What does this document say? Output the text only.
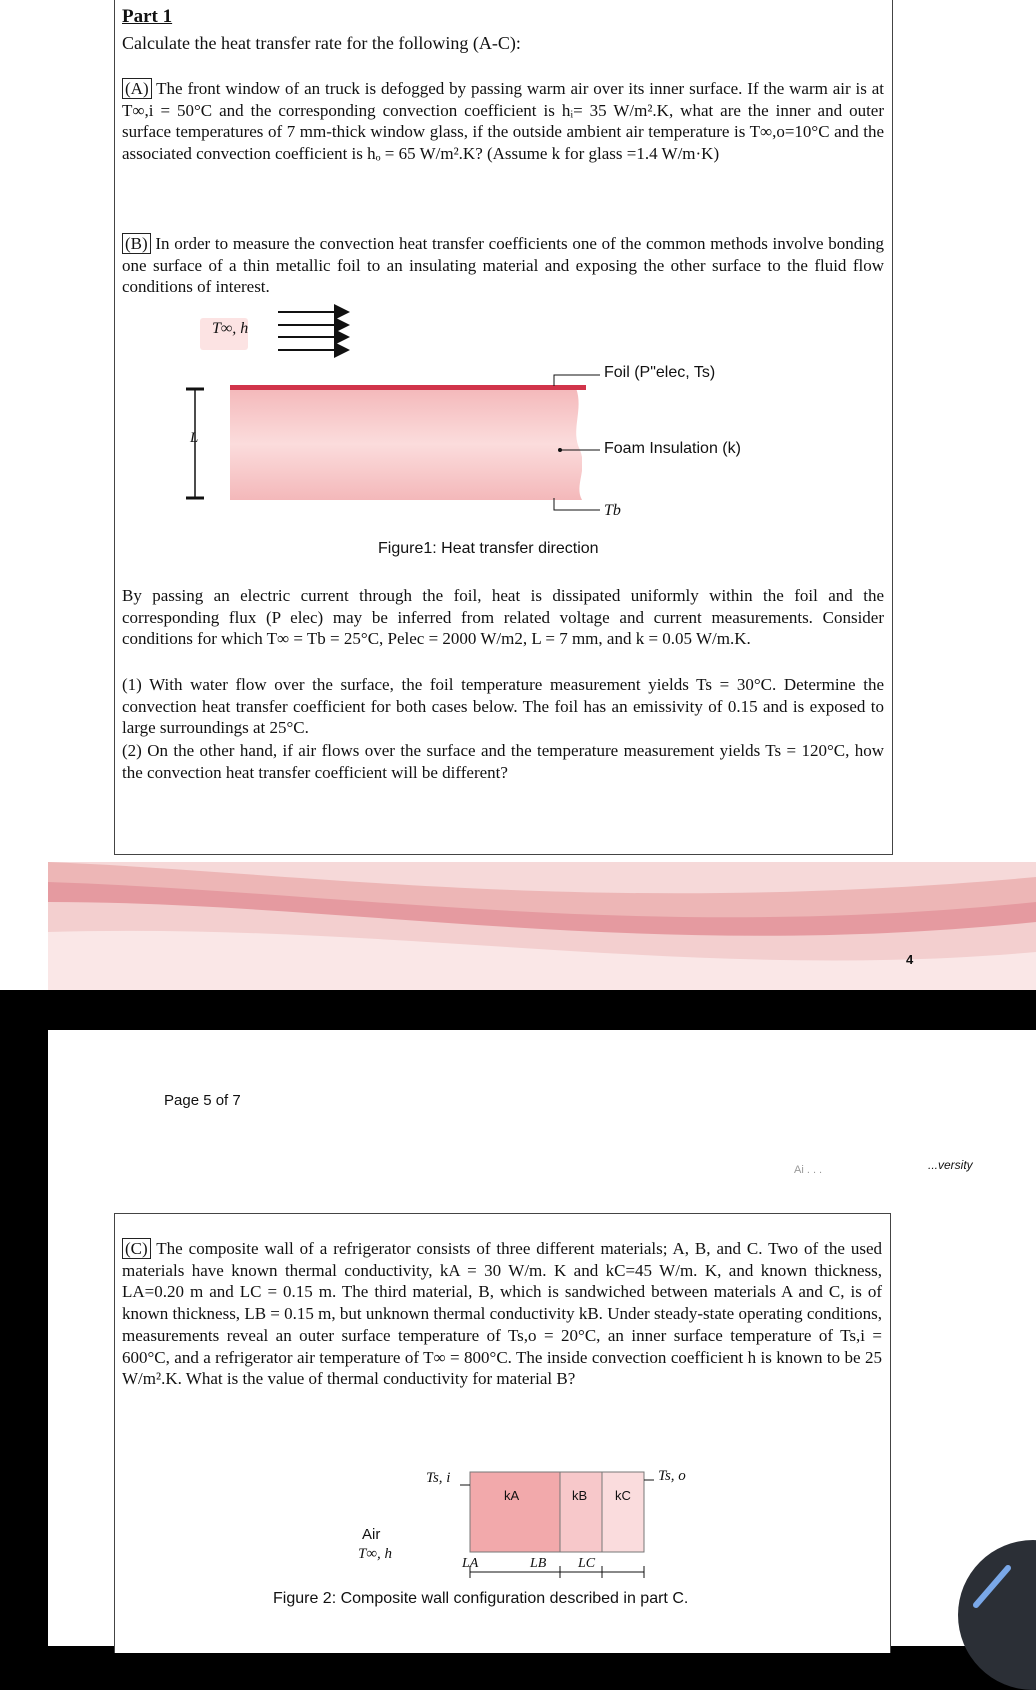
Part 1
Calculate the heat transfer rate for the following (A-C):
(A) The front window of an truck is defogged by passing warm air over its inner surface. If the warm air is at T∞,i = 50°C and the corresponding convection coefficient is hᵢ= 35 W/m².K, what are the inner and outer surface temperatures of 7 mm-thick window glass, if the outside ambient air temperature is T∞,o=10°C and the associated convection coefficient is hₒ = 65 W/m².K? (Assume k for glass =1.4 W/m·K)
(B) In order to measure the convection heat transfer coefficients one of the common methods involve bonding one surface of a thin metallic foil to an insulating material and exposing the other surface to the fluid flow conditions of interest.
T∞, h
L
Foil (P"elec, Ts)
Foam Insulation (k)
Tb
Figure1: Heat transfer direction
By passing an electric current through the foil, heat is dissipated uniformly within the foil and the corresponding flux (P elec) may be inferred from related voltage and current measurements. Consider conditions for which T∞ = Tb = 25°C, Pelec = 2000 W/m2, L = 7 mm, and k = 0.05 W/m.K.
(1) With water flow over the surface, the foil temperature measurement yields Ts = 30°C. Determine the convection heat transfer coefficient for both cases below. The foil has an emissivity of 0.15 and is exposed to large surroundings at 25°C.
(2) On the other hand, if air flows over the surface and the temperature measurement yields Ts = 120°C, how the convection heat transfer coefficient will be different?
4
Page 5 of 7
Ai . . .	...versity
(C) The composite wall of a refrigerator consists of three different materials; A, B, and C. Two of the used materials have known thermal conductivity, kA = 30 W/m. K and kC=45 W/m. K, and known thickness, LA=0.20 m and LC = 0.15 m. The third material, B, which is sandwiched between materials A and C, is of known thickness, LB = 0.15 m, but unknown thermal conductivity kB. Under steady-state operating conditions, measurements reveal an outer surface temperature of Ts,o = 20°C, an inner surface temperature of Ts,i = 600°C, and a refrigerator air temperature of T∞ = 800°C. The inside convection coefficient h is known to be 25 W/m².K. What is the value of thermal conductivity for material B?
Ts, i	Ts, o
kA	kB kC
Air
T∞, h
LA	LB LC
Figure 2: Composite wall configuration described in part C.
